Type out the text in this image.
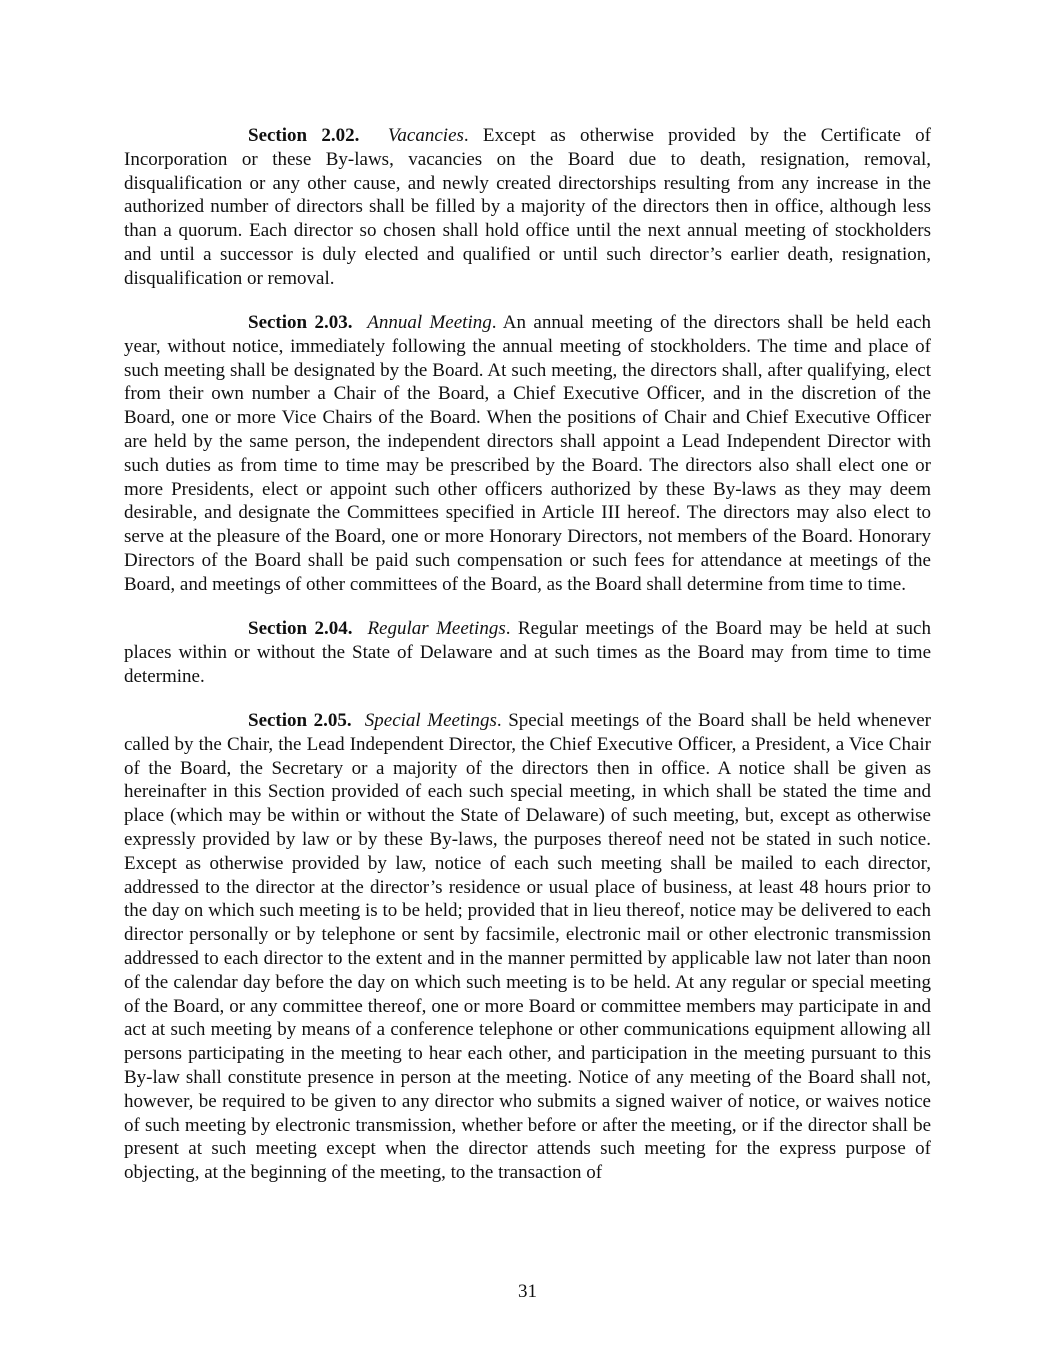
Section 2.02. Vacancies. Except as otherwise provided by the Certificate of Incorporation or these By-laws, vacancies on the Board due to death, resignation, removal, disqualification or any other cause, and newly created directorships resulting from any increase in the authorized number of directors shall be filled by a majority of the directors then in office, although less than a quorum. Each director so chosen shall hold office until the next annual meeting of stockholders and until a successor is duly elected and qualified or until such director’s earlier death, resignation, disqualification or removal.

Section 2.03. Annual Meeting. An annual meeting of the directors shall be held each year, without notice, immediately following the annual meeting of stockholders. The time and place of such meeting shall be designated by the Board. At such meeting, the directors shall, after qualifying, elect from their own number a Chair of the Board, a Chief Executive Officer, and in the discretion of the Board, one or more Vice Chairs of the Board. When the positions of Chair and Chief Executive Officer are held by the same person, the independent directors shall appoint a Lead Independent Director with such duties as from time to time may be prescribed by the Board. The directors also shall elect one or more Presidents, elect or appoint such other officers authorized by these By-laws as they may deem desirable, and designate the Committees specified in Article III hereof. The directors may also elect to serve at the pleasure of the Board, one or more Honorary Directors, not members of the Board. Honorary Directors of the Board shall be paid such compensation or such fees for attendance at meetings of the Board, and meetings of other committees of the Board, as the Board shall determine from time to time.

Section 2.04. Regular Meetings. Regular meetings of the Board may be held at such places within or without the State of Delaware and at such times as the Board may from time to time determine.

Section 2.05. Special Meetings. Special meetings of the Board shall be held whenever called by the Chair, the Lead Independent Director, the Chief Executive Officer, a President, a Vice Chair of the Board, the Secretary or a majority of the directors then in office. A notice shall be given as hereinafter in this Section provided of each such special meeting, in which shall be stated the time and place (which may be within or without the State of Delaware) of such meeting, but, except as otherwise expressly provided by law or by these By-laws, the purposes thereof need not be stated in such notice. Except as otherwise provided by law, notice of each such meeting shall be mailed to each director, addressed to the director at the director’s residence or usual place of business, at least 48 hours prior to the day on which such meeting is to be held; provided that in lieu thereof, notice may be delivered to each director personally or by telephone or sent by facsimile, electronic mail or other electronic transmission addressed to each director to the extent and in the manner permitted by applicable law not later than noon of the calendar day before the day on which such meeting is to be held. At any regular or special meeting of the Board, or any committee thereof, one or more Board or committee members may participate in and act at such meeting by means of a conference telephone or other communications equipment allowing all persons participating in the meeting to hear each other, and participation in the meeting pursuant to this By-law shall constitute presence in person at the meeting. Notice of any meeting of the Board shall not, however, be required to be given to any director who submits a signed waiver of notice, or waives notice of such meeting by electronic transmission, whether before or after the meeting, or if the director shall be present at such meeting except when the director attends such meeting for the express purpose of objecting, at the beginning of the meeting, to the transaction of

31
